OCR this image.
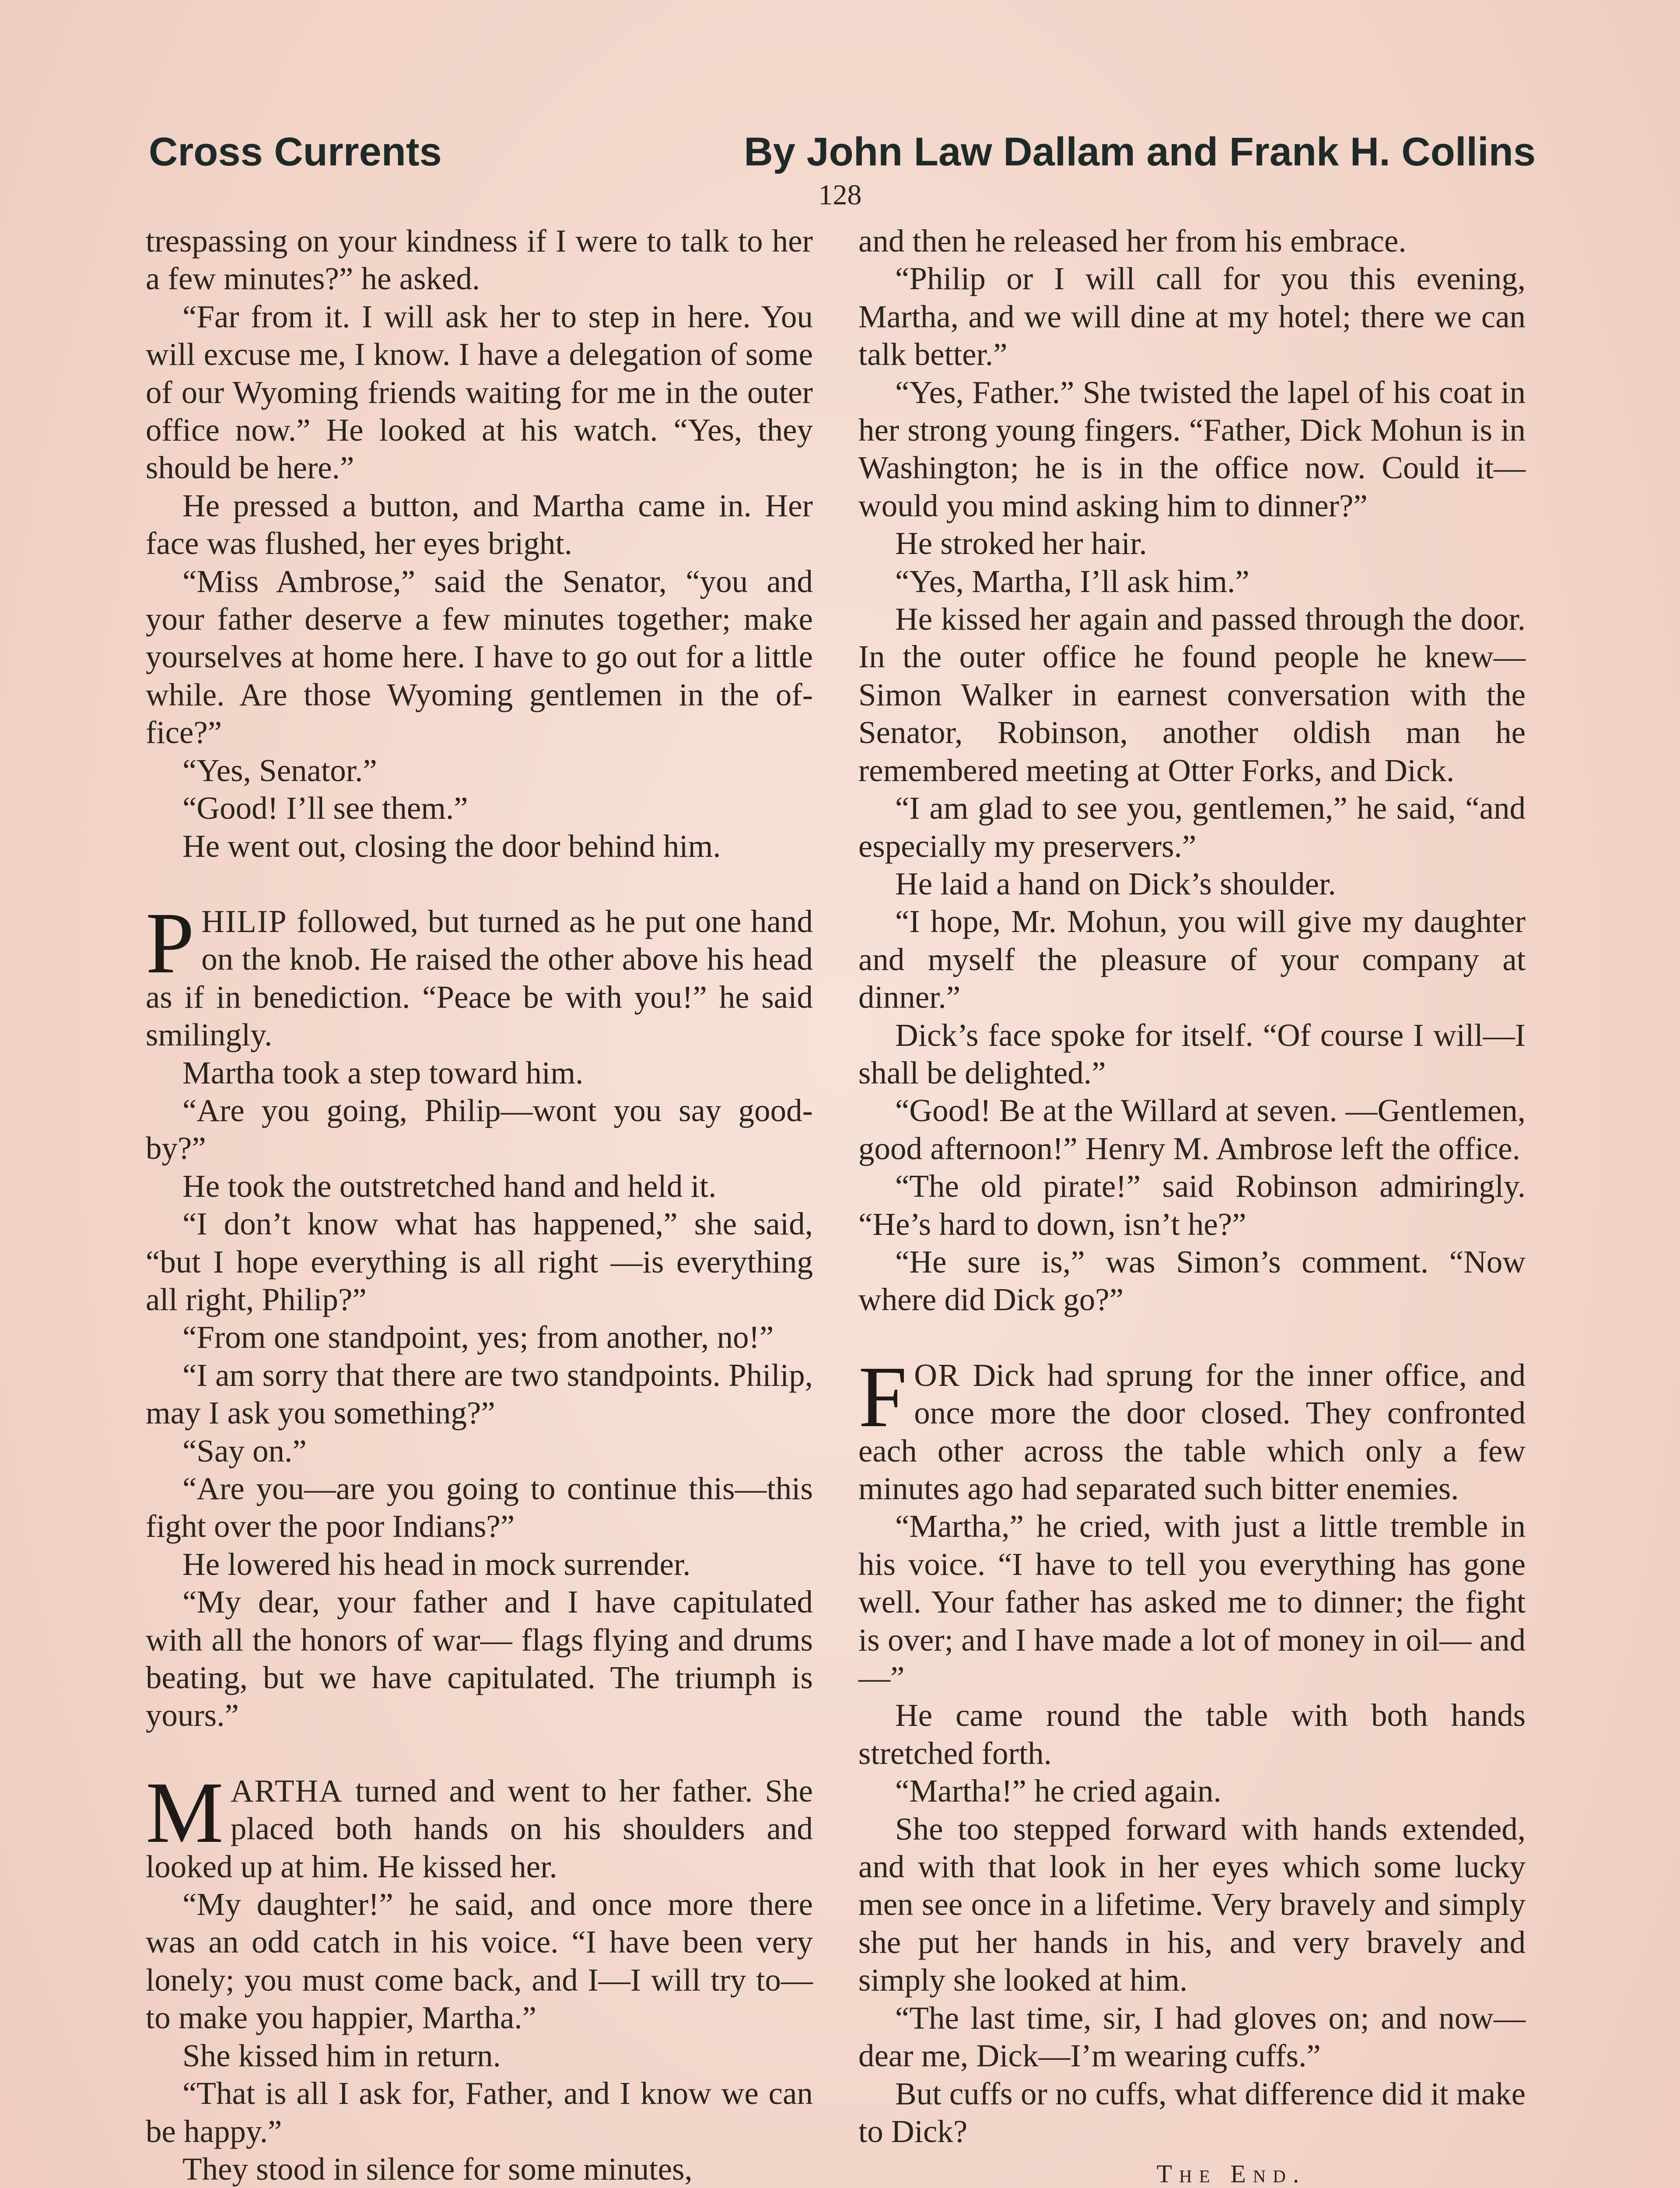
Cross Currents	By John Law Dallam and Frank H. Collins
128

trespassing on your kindness if I were to talk to her a few minutes?” he asked.

“Far from it. I will ask her to step in here. You will excuse me, I know. I have a delegation of some of our Wyoming friends waiting for me in the outer office now.” He looked at his watch. “Yes, they should be here.”

He pressed a button, and Martha came in. Her face was flushed, her eyes bright.

“Miss Ambrose,” said the Senator, “you and your father deserve a few minutes together; make yourselves at home here. I have to go out for a little while. Are those Wyoming gentlemen in the office?”

“Yes, Senator.”

“Good! I’ll see them.”

He went out, closing the door behind him.

PHILIP followed, but turned as he put one hand on the knob. He raised the other above his head as if in benediction. “Peace be with you!” he said smilingly.

Martha took a step toward him.

“Are you going, Philip—wont you say good-by?”

He took the outstretched hand and held it.

“I don’t know what has happened,” she said, “but I hope everything is all right —is everything all right, Philip?”

“From one standpoint, yes; from another, no!”

“I am sorry that there are two standpoints. Philip, may I ask you something?”

“Say on.”

“Are you—are you going to continue this—this fight over the poor Indians?”

He lowered his head in mock surrender.

“My dear, your father and I have capitulated with all the honors of war— flags flying and drums beating, but we have capitulated. The triumph is yours.”

MARTHA turned and went to her father. She placed both hands on his shoulders and looked up at him. He kissed her.

“My daughter!” he said, and once more there was an odd catch in his voice. “I have been very lonely; you must come back, and I—I will try to—to make you happier, Martha.”

She kissed him in return.

“That is all I ask for, Father, and I know we can be happy.”

They stood in silence for some minutes,

and then he released her from his embrace.

“Philip or I will call for you this evening, Martha, and we will dine at my hotel; there we can talk better.”

“Yes, Father.” She twisted the lapel of his coat in her strong young fingers. “Father, Dick Mohun is in Washington; he is in the office now. Could it—would you mind asking him to dinner?”

He stroked her hair.

“Yes, Martha, I’ll ask him.”

He kissed her again and passed through the door. In the outer office he found people he knew—Simon Walker in earnest conversation with the Senator, Robinson, another oldish man he remembered meeting at Otter Forks, and Dick.

“I am glad to see you, gentlemen,” he said, “and especially my preservers.”

He laid a hand on Dick’s shoulder.

“I hope, Mr. Mohun, you will give my daughter and myself the pleasure of your company at dinner.”

Dick’s face spoke for itself. “Of course I will—I shall be delighted.”

“Good! Be at the Willard at seven. —Gentlemen, good afternoon!” Henry M. Ambrose left the office.

“The old pirate!” said Robinson admiringly. “He’s hard to down, isn’t he?”

“He sure is,” was Simon’s comment. “Now where did Dick go?”

FOR Dick had sprung for the inner office, and once more the door closed. They confronted each other across the table which only a few minutes ago had separated such bitter enemies.

“Martha,” he cried, with just a little tremble in his voice. “I have to tell you everything has gone well. Your father has asked me to dinner; the fight is over; and I have made a lot of money in oil— and—”

He came round the table with both hands stretched forth.

“Martha!” he cried again.

She too stepped forward with hands extended, and with that look in her eyes which some lucky men see once in a lifetime. Very bravely and simply she put her hands in his, and very bravely and simply she looked at him.

“The last time, sir, I had gloves on; and now—dear me, Dick—I’m wearing cuffs.”

But cuffs or no cuffs, what difference did it make to Dick?

The End.
